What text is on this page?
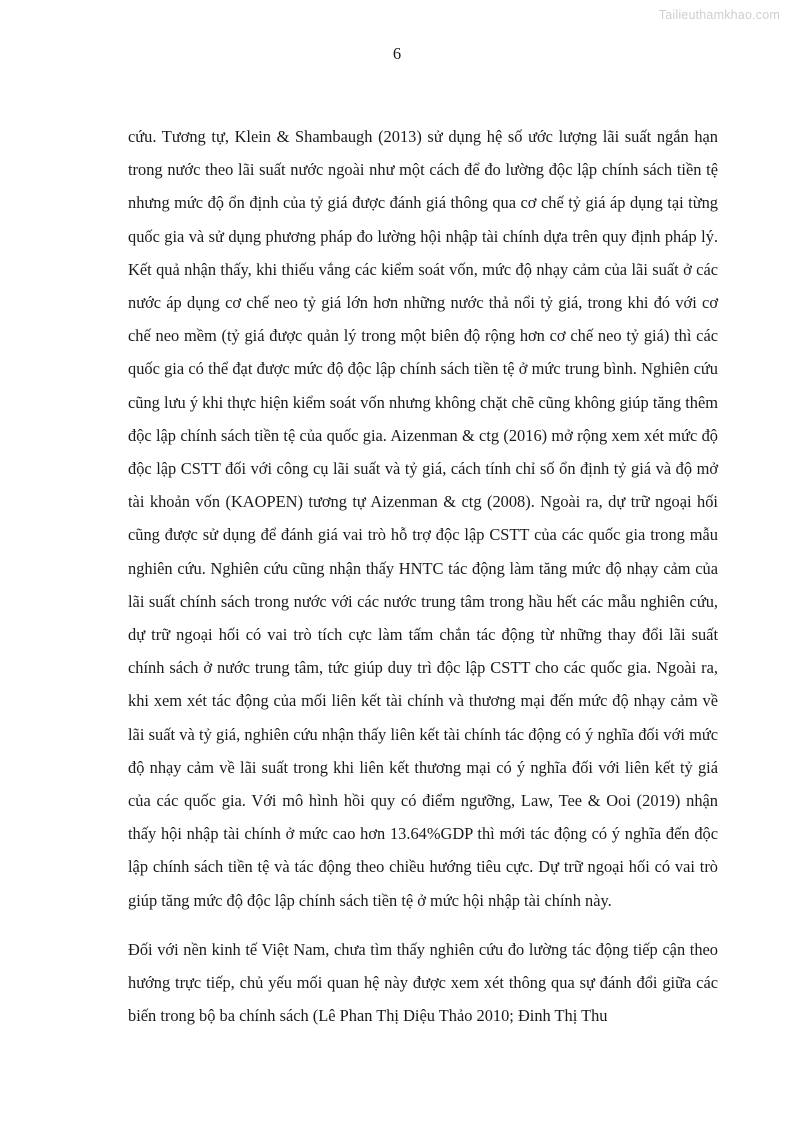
Tailieuthamkhao.com
6

cứu. Tương tự, Klein & Shambaugh (2013) sử dụng hệ số ước lượng lãi suất ngắn hạn trong nước theo lãi suất nước ngoài như một cách để đo lường độc lập chính sách tiền tệ nhưng mức độ ổn định của tỷ giá được đánh giá thông qua cơ chế tỷ giá áp dụng tại từng quốc gia và sử dụng phương pháp đo lường hội nhập tài chính dựa trên quy định pháp lý. Kết quả nhận thấy, khi thiếu vắng các kiểm soát vốn, mức độ nhạy cảm của lãi suất ở các nước áp dụng cơ chế neo tỷ giá lớn hơn những nước thả nổi tỷ giá, trong khi đó với cơ chế neo mềm (tỷ giá được quản lý trong một biên độ rộng hơn cơ chế neo tỷ giá) thì các quốc gia có thể đạt được mức độ độc lập chính sách tiền tệ ở mức trung bình. Nghiên cứu cũng lưu ý khi thực hiện kiểm soát vốn nhưng không chặt chẽ cũng không giúp tăng thêm độc lập chính sách tiền tệ của quốc gia. Aizenman & ctg (2016) mở rộng xem xét mức độ độc lập CSTT đối với công cụ lãi suất và tỷ giá, cách tính chỉ số ổn định tỷ giá và độ mở tài khoản vốn (KAOPEN) tương tự Aizenman & ctg (2008). Ngoài ra, dự trữ ngoại hối cũng được sử dụng để đánh giá vai trò hỗ trợ độc lập CSTT của các quốc gia trong mẫu nghiên cứu. Nghiên cứu cũng nhận thấy HNTC tác động làm tăng mức độ nhạy cảm của lãi suất chính sách trong nước với các nước trung tâm trong hầu hết các mẫu nghiên cứu, dự trữ ngoại hối có vai trò tích cực làm tấm chắn tác động từ những thay đổi lãi suất chính sách ở nước trung tâm, tức giúp duy trì độc lập CSTT cho các quốc gia. Ngoài ra, khi xem xét tác động của mối liên kết tài chính và thương mại đến mức độ nhạy cảm về lãi suất và tỷ giá, nghiên cứu nhận thấy liên kết tài chính tác động có ý nghĩa đối với mức độ nhạy cảm về lãi suất trong khi liên kết thương mại có ý nghĩa đối với liên kết tỷ giá của các quốc gia. Với mô hình hồi quy có điểm ngưỡng, Law, Tee & Ooi (2019) nhận thấy hội nhập tài chính ở mức cao hơn 13.64%GDP thì mới tác động có ý nghĩa đến độc lập chính sách tiền tệ và tác động theo chiều hướng tiêu cực. Dự trữ ngoại hối có vai trò giúp tăng mức độ độc lập chính sách tiền tệ ở mức hội nhập tài chính này.

Đối với nền kinh tế Việt Nam, chưa tìm thấy nghiên cứu đo lường tác động tiếp cận theo hướng trực tiếp, chủ yếu mối quan hệ này được xem xét thông qua sự đánh đổi giữa các biến trong bộ ba chính sách (Lê Phan Thị Diệu Thảo 2010; Đinh Thị Thu
